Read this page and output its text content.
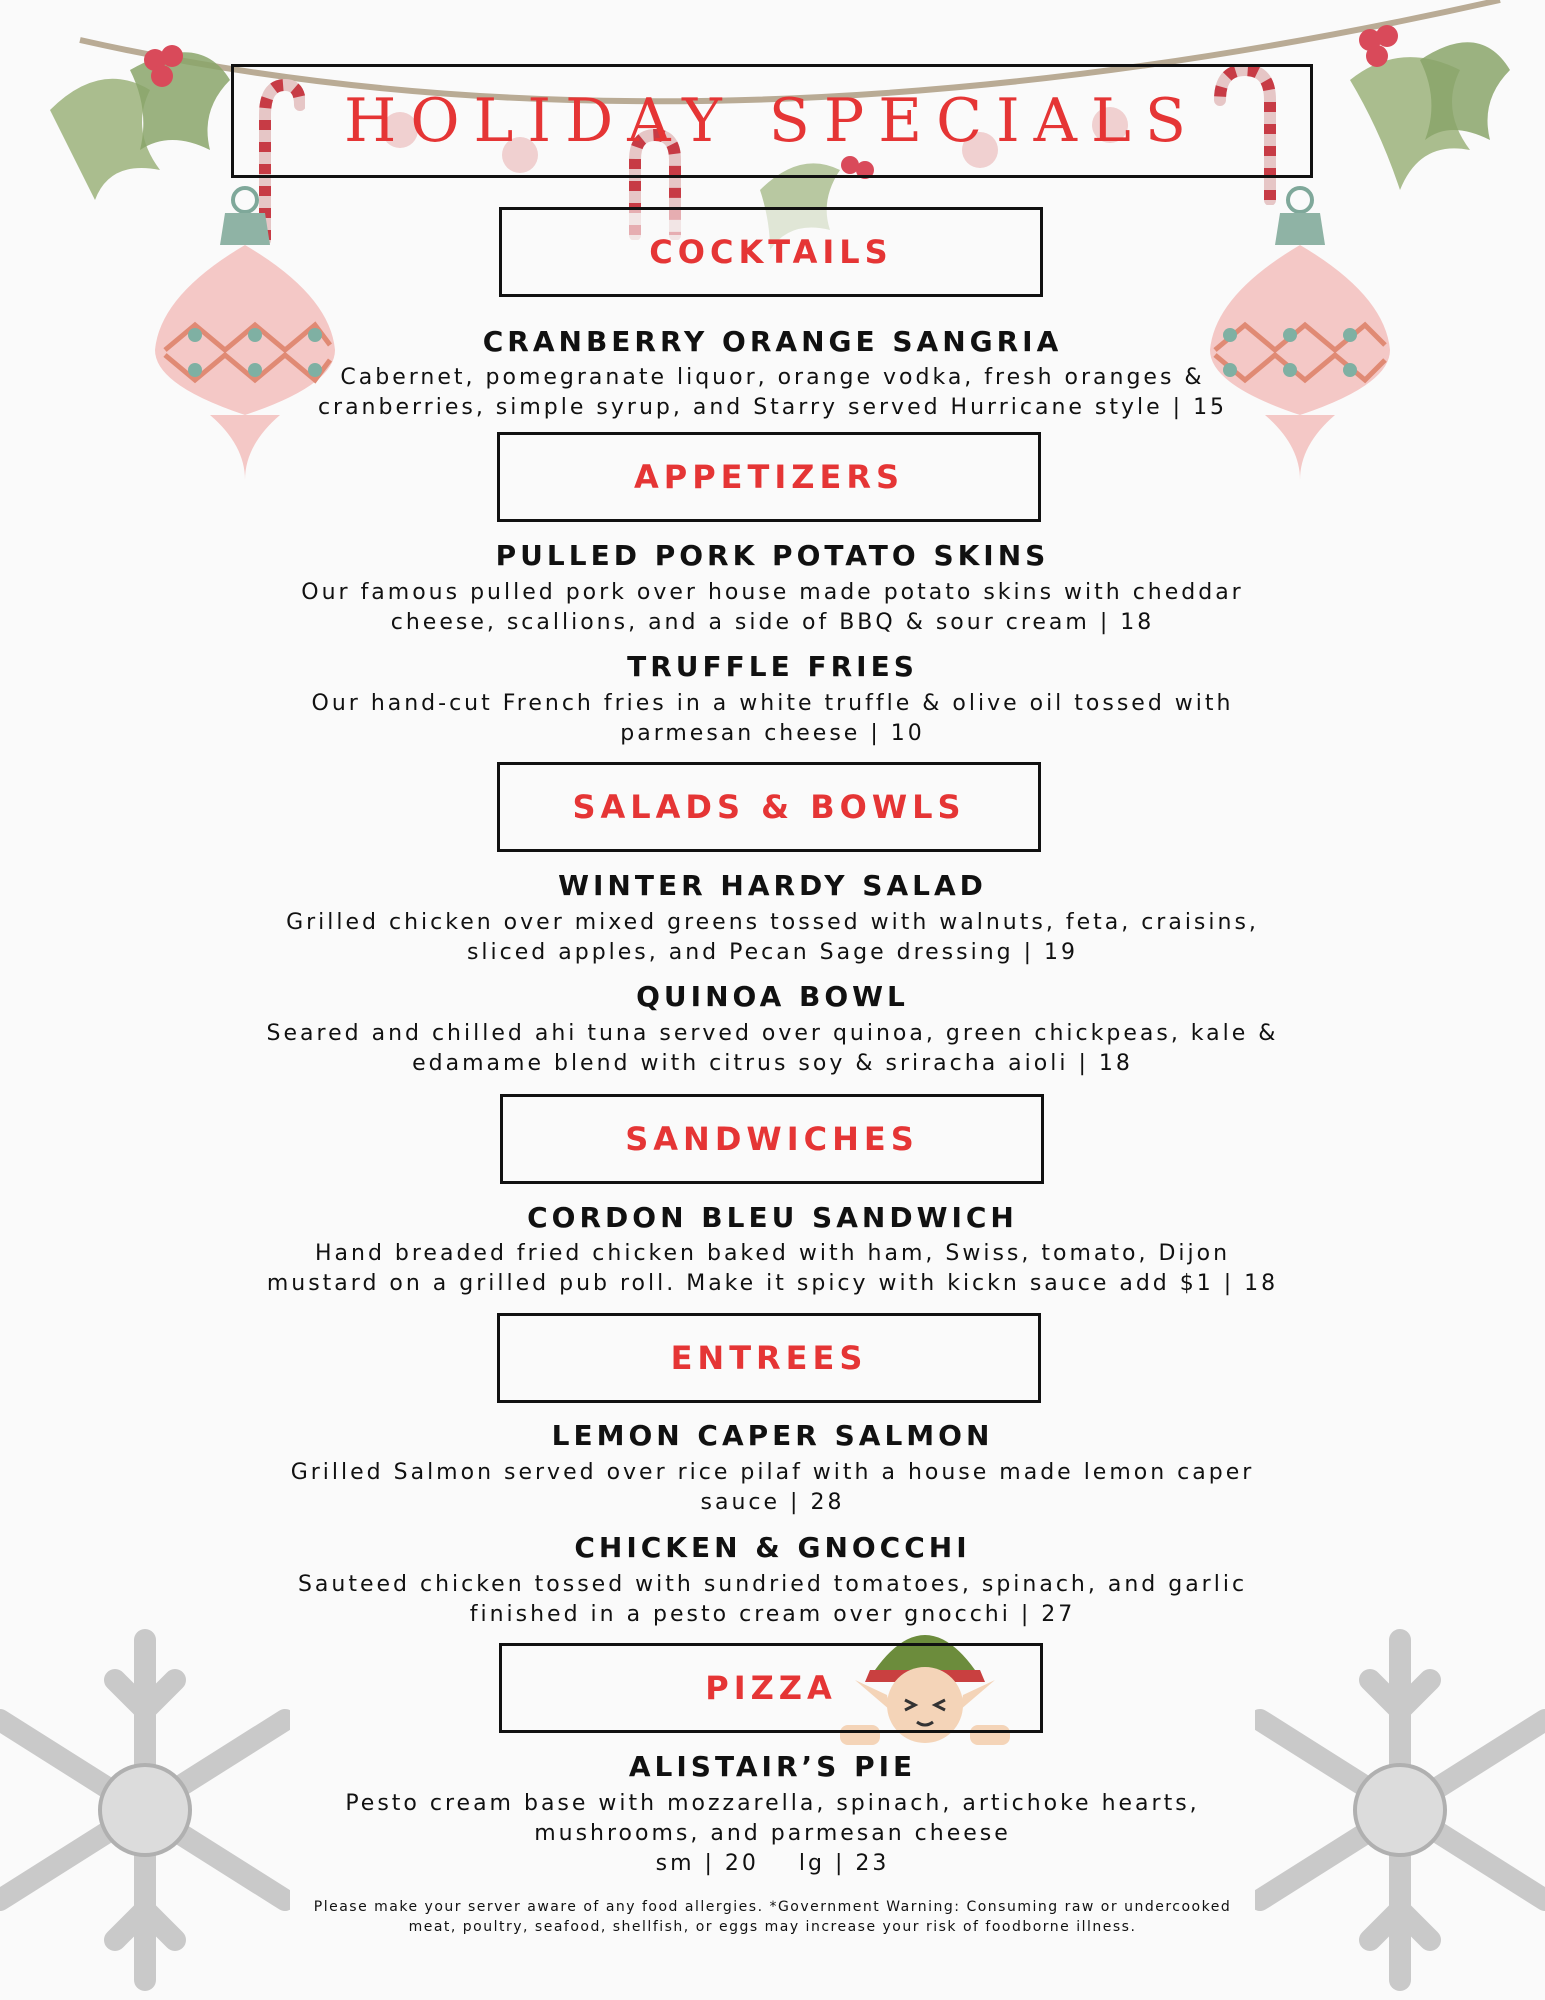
HOLIDAY SPECIALS
COCKTAILS
CRANBERRY ORANGE SANGRIA
Cabernet, pomegranate liquor, orange vodka, fresh oranges &
cranberries, simple syrup, and Starry served Hurricane style | 15
APPETIZERS
PULLED PORK POTATO SKINS
Our famous pulled pork over house made potato skins with cheddar
cheese, scallions, and a side of BBQ & sour cream | 18
TRUFFLE FRIES
Our hand-cut French fries in a white truffle & olive oil tossed with
parmesan cheese | 10
SALADS & BOWLS
WINTER HARDY SALAD
Grilled chicken over mixed greens tossed with walnuts, feta, craisins,
sliced apples, and Pecan Sage dressing | 19
QUINOA BOWL
Seared and chilled ahi tuna served over quinoa, green chickpeas, kale &
edamame blend with citrus soy & sriracha aioli | 18
SANDWICHES
CORDON BLEU SANDWICH
Hand breaded fried chicken baked with ham, Swiss, tomato, Dijon
mustard on a grilled pub roll. Make it spicy with kickn sauce add $1 | 18
ENTREES
LEMON CAPER SALMON
Grilled Salmon served over rice pilaf with a house made lemon caper
sauce | 28
CHICKEN & GNOCCHI
Sauteed chicken tossed with sundried tomatoes, spinach, and garlic
finished in a pesto cream over gnocchi | 27
PIZZA
ALISTAIR’S PIE
Pesto cream base with mozzarella, spinach, artichoke hearts,
mushrooms, and parmesan cheese
sm | 20    lg | 23
Please make your server aware of any food allergies. *Government Warning: Consuming raw or undercooked
meat, poultry, seafood, shellfish, or eggs may increase your risk of foodborne illness.
